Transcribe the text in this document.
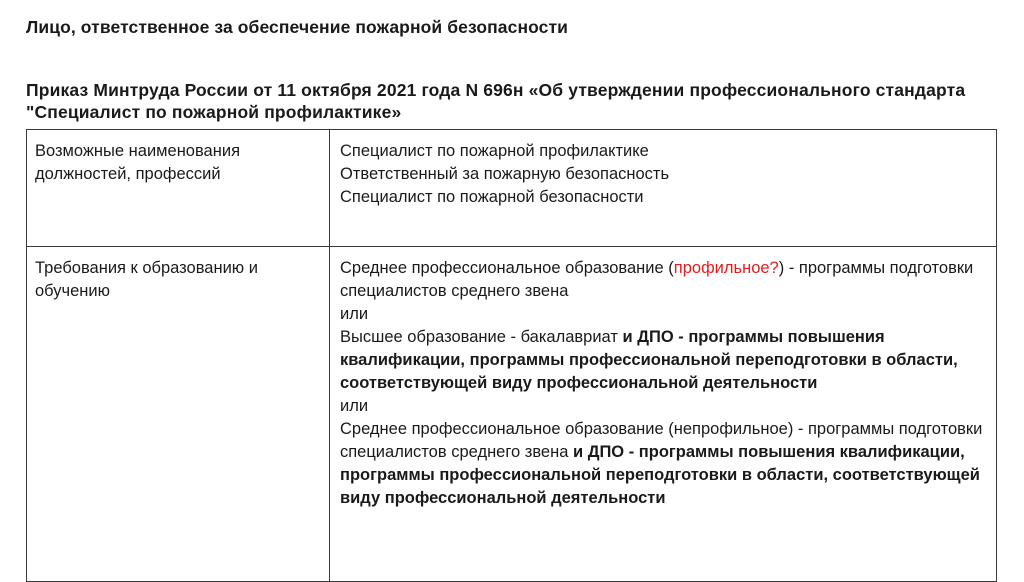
Лицо, ответственное за обеспечение пожарной безопасности
Приказ Минтруда России от 11 октября 2021 года N 696н «Об утверждении профессионального стандарта "Специалист по пожарной профилактике»
Возможные наименования должностей, профессий	Специалист по пожарной профилактике
Ответственный за пожарную безопасность
Специалист по пожарной безопасности

Требования к образованию и обучению	Среднее профессиональное образование (профильное?) - программы подготовки специалистов среднего звена
или
Высшее образование - бакалавриат и ДПО - программы повышения квалификации, программы профессиональной переподготовки в области, соответствующей виду профессиональной деятельности
или
Среднее профессиональное образование (непрофильное) - программы подготовки специалистов среднего звена и ДПО - программы повышения квалификации, программы профессиональной переподготовки в области, соответствующей виду профессиональной деятельности
